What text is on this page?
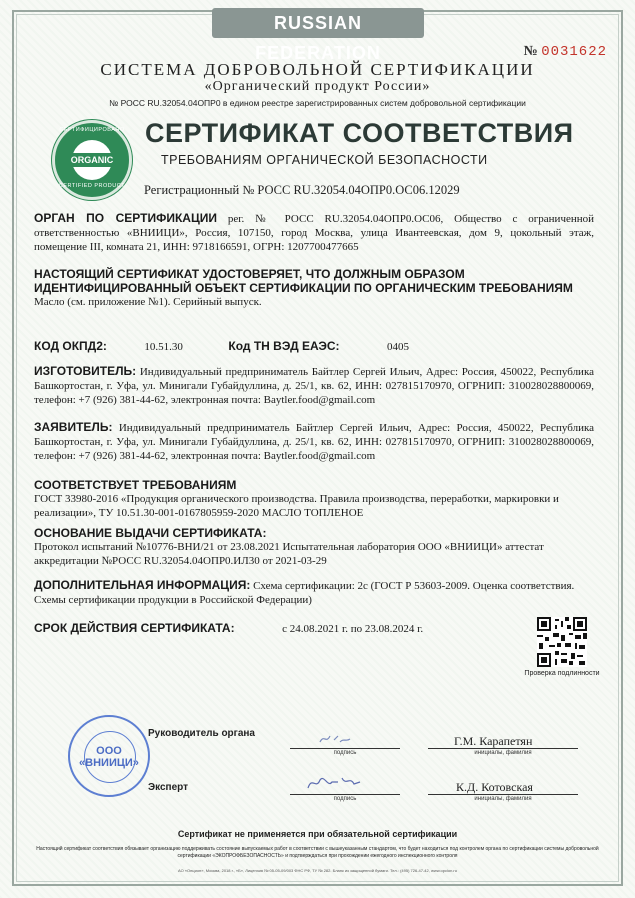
RUSSIAN FEDERATION	№ 0031622
СИСТЕМА ДОБРОВОЛЬНОЙ СЕРТИФИКАЦИИ
«Органический продукт России»
№ РОСС RU.32054.04ОПР0 в едином реестре зарегистрированных систем добровольной сертификации
СЕРТИФИЦИРОВАНО
ORGANIC
CERTIFIED PRODUCT
СЕРТИФИКАТ СООТВЕТСТВИЯ
ТРЕБОВАНИЯМ ОРГАНИЧЕСКОЙ БЕЗОПАСНОСТИ
Регистрационный № РОСС RU.32054.04ОПР0.ОС06.12029
ОРГАН ПО СЕРТИФИКАЦИИ рег. № РОСС RU.32054.04ОПР0.ОС06, Общество с ограниченной ответственностью «ВНИИЦИ», Россия, 107150, город Москва, улица Ивантеевская, дом 9, цокольный этаж, помещение III, комната 21, ИНН: 9718166591, ОГРН: 1207700477665
НАСТОЯЩИЙ СЕРТИФИКАТ УДОСТОВЕРЯЕТ, ЧТО ДОЛЖНЫМ ОБРАЗОМ ИДЕНТИФИЦИРОВАННЫЙ ОБЪЕКТ СЕРТИФИКАЦИИ ПО ОРГАНИЧЕСКИМ ТРЕБОВАНИЯМ
Масло (см. приложение №1). Серийный выпуск.
КОД ОКПД2:	10.51.30	Код ТН ВЭД ЕАЭС:	0405
ИЗГОТОВИТЕЛЬ: Индивидуальный предприниматель Байтлер Сергей Ильич, Адрес: Россия, 450022, Республика Башкортостан, г. Уфа, ул. Минигали Губайдуллина, д. 25/1, кв. 62, ИНН: 027815170970, ОГРНИП: 310028028800069, телефон: +7 (926) 381-44-62, электронная почта: Baytler.food@gmail.com
ЗАЯВИТЕЛЬ: Индивидуальный предприниматель Байтлер Сергей Ильич, Адрес: Россия, 450022, Республика Башкортостан, г. Уфа, ул. Минигали Губайдуллина, д. 25/1, кв. 62, ИНН: 027815170970, ОГРНИП: 310028028800069, телефон: +7 (926) 381-44-62, электронная почта: Baytler.food@gmail.com
СООТВЕТСТВУЕТ ТРЕБОВАНИЯМ
ГОСТ 33980-2016 «Продукция органического производства. Правила производства, переработки, маркировки и реализации», ТУ 10.51.30-001-0167805959-2020 МАСЛО ТОПЛЕНОЕ
ОСНОВАНИЕ ВЫДАЧИ СЕРТИФИКАТА:
Протокол испытаний №10776-ВНИ/21 от 23.08.2021 Испытательная лаборатория ООО «ВНИИЦИ» аттестат аккредитации №РОСС RU.32054.04ОПР0.ИЛ30 от 2021-03-29
ДОПОЛНИТЕЛЬНАЯ ИНФОРМАЦИЯ: Схема сертификации: 2с (ГОСТ Р 53603-2009. Оценка соответствия. Схемы сертификации продукции в Российской Федерации)
СРОК ДЕЙСТВИЯ СЕРТИФИКАТА:	с 24.08.2021 г. по 23.08.2024 г.
Проверка подлинности
ООО
«ВНИИЦИ»
Руководитель органа
подпись
Г.М. Карапетян
инициалы, фамилия
Эксперт
подпись
К.Д. Котовская
инициалы, фамилия
Сертификат не применяется при обязательной сертификации
Настоящий сертификат соответствия обязывает организацию поддерживать состояние выпускаемых работ в соответствии с вышеуказанным стандартом, что будет находиться под контролем органа по сертификации системы добровольной сертификации «ЭКОПРОФБЕЗОПАСНОСТЬ» и подтверждаться при прохождении ежегодного инспекционного контроля
АО «Опцион», Москва, 2018 г., «Б», Лицензия № 05-05-09/003 ФНС РФ, ТУ № 282. Бланк из защищенной бумаги. Тел.: (495) 726-47-42, www.opcion.ru
